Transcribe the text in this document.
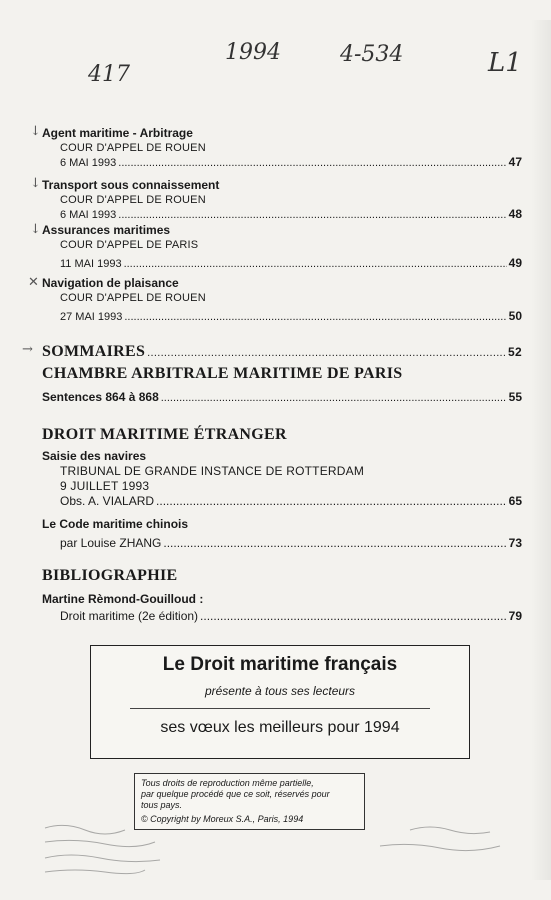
417
1994	4-534	L1
Agent maritime - Arbitrage
COUR D'APPEL DE ROUEN
6 MAI 1993 .....	47
Transport sous connaissement
COUR D'APPEL DE ROUEN
6 MAI 1993 .....	48
Assurances maritimes
COUR D'APPEL DE PARIS
11 MAI 1993 .....	49
Navigation de plaisance
COUR D'APPEL DE ROUEN
27 MAI 1993 .....	50
↓
↓
↓
✕
→ SOMMAIRES .....	52
CHAMBRE ARBITRALE MARITIME DE PARIS
Sentences 864 à 868 .....	55
DROIT MARITIME ÉTRANGER
Saisie des navires
TRIBUNAL DE GRANDE INSTANCE DE ROTTERDAM
9 JUILLET 1993
Obs. A. VIALARD .....	65
Le Code maritime chinois
par Louise ZHANG .....	73
BIBLIOGRAPHIE
Martine Rèmond-Gouilloud :
Droit maritime (2e édition) .....	79
Le Droit maritime français
présente à tous ses lecteurs
ses vœux les meilleurs pour 1994
Tous droits de reproduction même partielle,
par quelque procédé que ce soit, réservés pour
tous pays.
© Copyright by Moreux S.A., Paris, 1994
